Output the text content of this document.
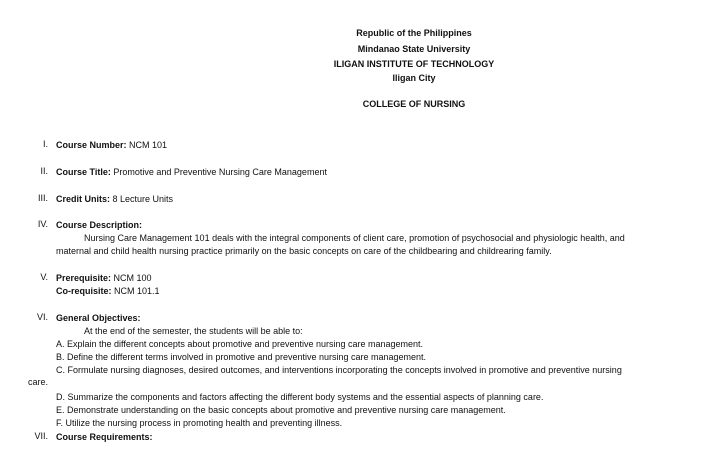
Republic of the Philippines
Mindanao State University
ILIGAN INSTITUTE OF TECHNOLOGY
Iligan City
COLLEGE OF NURSING
I. Course Number: NCM 101
II. Course Title: Promotive and Preventive Nursing Care Management
III. Credit Units: 8 Lecture Units
IV. Course Description:
Nursing Care Management 101 deals with the integral components of client care, promotion of psychosocial and physiologic health, and
maternal and child health nursing practice primarily on the basic concepts on care of the childbearing and childrearing family.
V. Prerequisite: NCM 100
Co-requisite: NCM 101.1
VI. General Objectives:
At the end of the semester, the students will be able to:
A. Explain the different concepts about promotive and preventive nursing care management.
B. Define the different terms involved in promotive and preventive nursing care management.
C. Formulate nursing diagnoses, desired outcomes, and interventions incorporating the concepts involved in promotive and preventive nursing
care.
D. Summarize the components and factors affecting the different body systems and the essential aspects of planning care.
E. Demonstrate understanding on the basic concepts about promotive and preventive nursing care management.
F. Utilize the nursing process in promoting health and preventing illness.
VII. Course Requirements:
